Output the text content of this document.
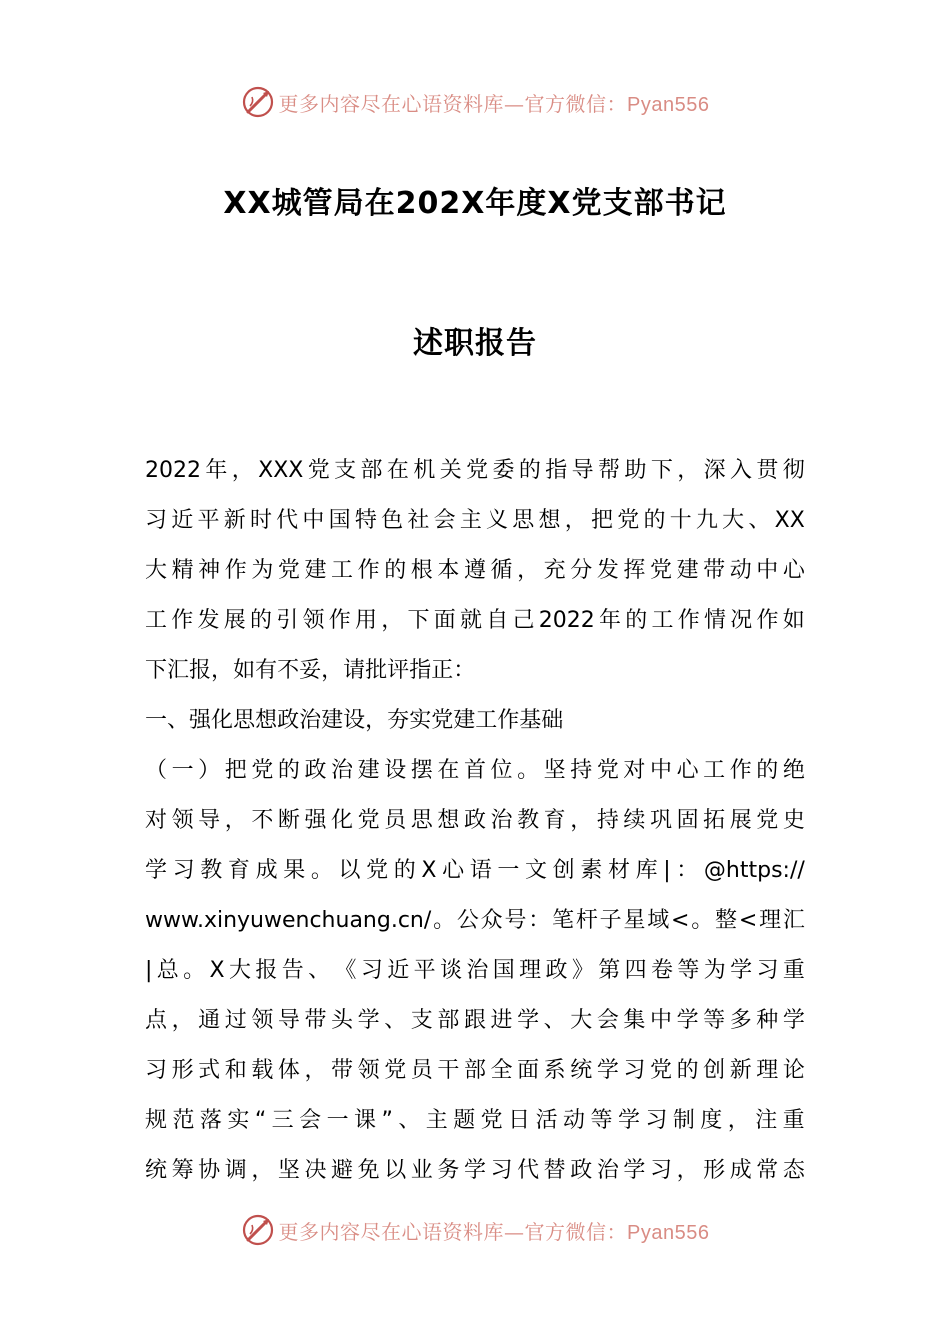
更多内容尽在心语资料库—官方微信：Pyan556
XX城管局在202X年度X党支部书记
述职报告
2022 年 ， XXX 党 支 部 在 机 关 党 委 的 指 导 帮 助 下 ， 深 入 贯 彻
习 近 平 新 时 代 中 国 特 色 社 会 主 义 思 想 ， 把 党 的 十 九 大 、 XX
大 精 神 作 为 党 建 工 作 的 根 本 遵 循 ， 充 分 发 挥 党 建 带 动 中 心
工 作 发 展 的 引 领 作 用 ， 下 面 就 自 己 2022 年 的 工 作 情 况 作 如
下 汇 报 ， 如 有 不 妥 ， 请 批 评 指 正 ：
一 、 强 化 思 想 政 治 建 设 ， 夯 实 党 建 工 作 基 础
（ 一 ） 把 党 的 政 治 建 设 摆 在 首 位 。 坚 持 党 对 中 心 工 作 的 绝
对 领 导 ， 不 断 强 化 党 员 思 想 政 治 教 育 ， 持 续 巩 固 拓 展 党 史
学 习 教 育 成 果 。 以 党 的 X 心 语 一 文 创 素 材 库 | ： @https://
www.xinyuwenchuang.cn/ 。 公 众 号 ： 笔 杆 子 星 域 < 。 整 < 理 汇
| 总 。 X 大 报 告 、 《 习 近 平 谈 治 国 理 政 》 第 四 卷 等 为 学 习 重
点 ， 通 过 领 导 带 头 学 、 支 部 跟 进 学 、 大 会 集 中 学 等 多 种 学
习 形 式 和 载 体 ， 带 领 党 员 干 部 全 面 系 统 学 习 党 的 创 新 理 论
规 范 落 实 “ 三 会 一 课 ” 、 主 题 党 日 活 动 等 学 习 制 度 ， 注 重
统 筹 协 调 ， 坚 决 避 免 以 业 务 学 习 代 替 政 治 学 习 ， 形 成 常 态
更多内容尽在心语资料库—官方微信：Pyan556
